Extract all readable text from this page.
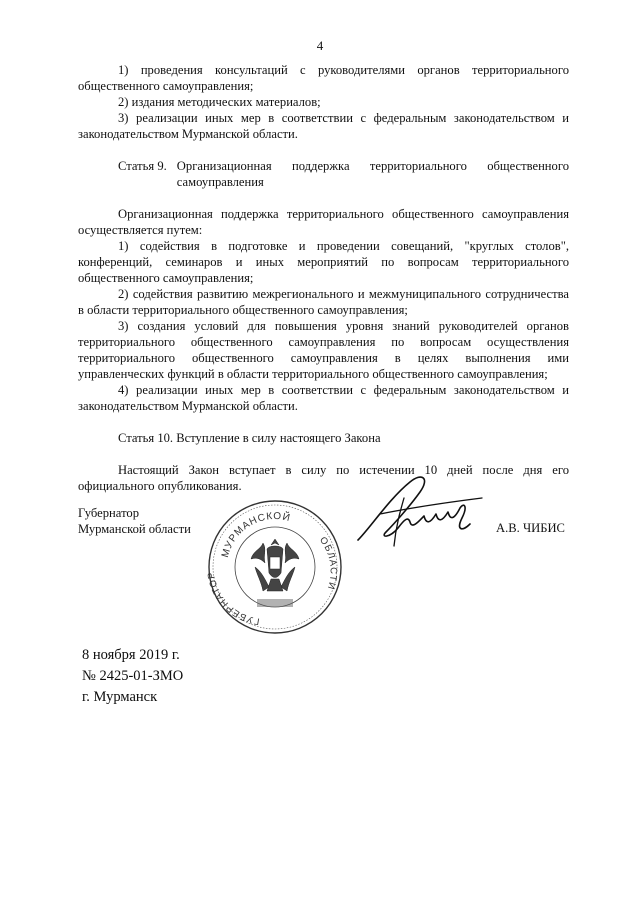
4

1) проведения консультаций с руководителями органов территориального общественного самоуправления;

2) издания методических материалов;

3) реализации иных мер в соответствии с федеральным законодательством и законодательством Мурманской области.

Статья 9. Организационная поддержка территориального общественного самоуправления

Организационная поддержка территориального общественного самоуправления осуществляется путем:

1) содействия в подготовке и проведении совещаний, "круглых столов", конференций, семинаров и иных мероприятий по вопросам территориального общественного самоуправления;

2) содействия развитию межрегионального и межмуниципального сотрудничества в области территориального общественного самоуправления;

3) создания условий для повышения уровня знаний руководителей органов территориального общественного самоуправления по вопросам осуществления территориального общественного самоуправления в целях выполнения ими управленческих функций в области территориального общественного самоуправления;

4) реализации иных мер в соответствии с федеральным законодательством и законодательством Мурманской области.

Статья 10. Вступление в силу настоящего Закона

Настоящий Закон вступает в силу по истечении 10 дней после дня его официального опубликования.

Губернатор
Мурманской области
МУРМАНСКОЙ
ГУБЕРНАТОР
ОБЛАСТИ
А.В. ЧИБИС
8 ноября 2019 г.
№ 2425-01-ЗМО
г. Мурманск
